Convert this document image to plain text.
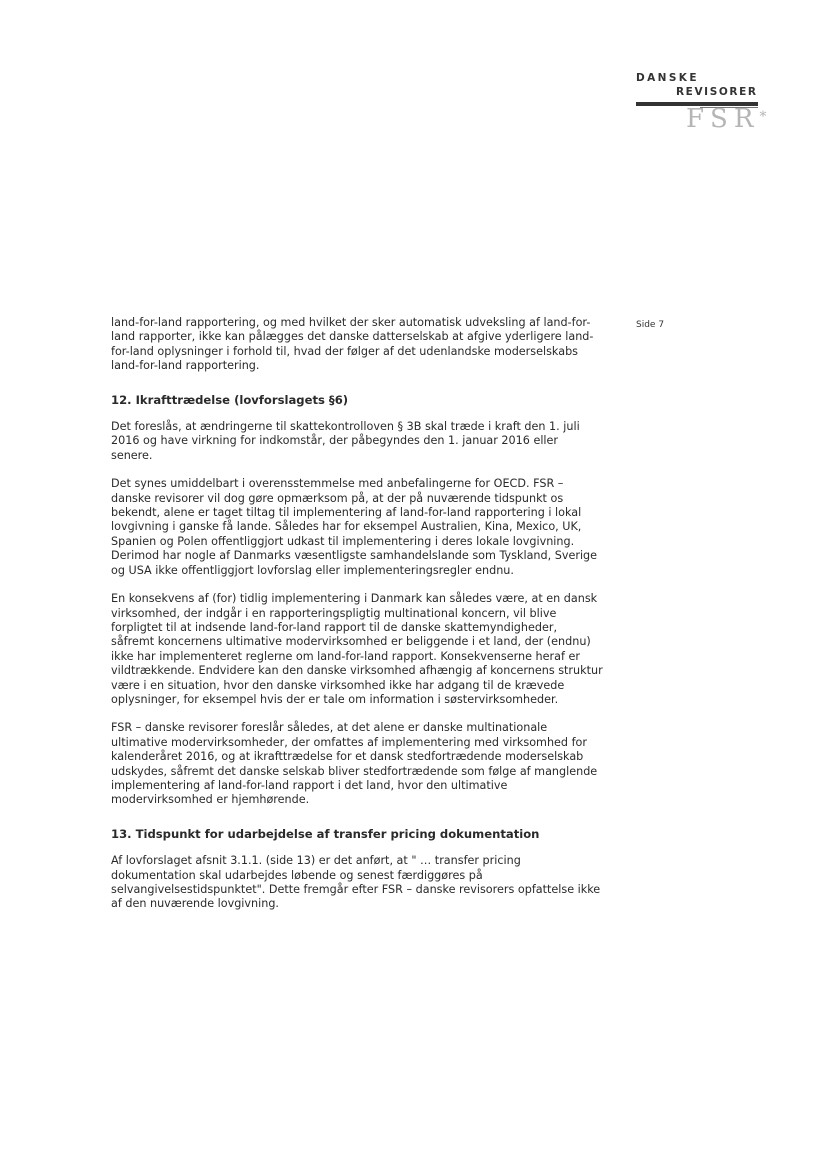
DANSKE
REVISORER
FSR*
Side 7

land-for-land rapportering, og med hvilket der sker automatisk udveksling af land-for-land rapporter, ikke kan pålægges det danske datterselskab at afgive yderligere land-for-land oplysninger i forhold til, hvad der følger af det udenlandske moderselskabs land-for-land rapportering.

12. Ikrafttrædelse (lovforslagets §6)

Det foreslås, at ændringerne til skattekontrolloven § 3B skal træde i kraft den 1. juli 2016 og have virkning for indkomstår, der påbegyndes den 1. januar 2016 eller senere.

Det synes umiddelbart i overensstemmelse med anbefalingerne for OECD. FSR – danske revisorer vil dog gøre opmærksom på, at der på nuværende tidspunkt os bekendt, alene er taget tiltag til implementering af land-for-land rapportering i lokal lovgivning i ganske få lande. Således har for eksempel Australien, Kina, Mexico, UK, Spanien og Polen offentliggjort udkast til implementering i deres lokale lovgivning. Derimod har nogle af Danmarks væsentligste samhandelslande som Tyskland, Sverige og USA ikke offentliggjort lovforslag eller implementeringsregler endnu.

En konsekvens af (for) tidlig implementering i Danmark kan således være, at en dansk virksomhed, der indgår i en rapporteringspligtig multinational koncern, vil blive forpligtet til at indsende land-for-land rapport til de danske skattemyndigheder, såfremt koncernens ultimative modervirksomhed er beliggende i et land, der (endnu) ikke har implementeret reglerne om land-for-land rapport. Konsekvenserne heraf er vildtrækkende. Endvidere kan den danske virksomhed afhængig af koncernens struktur være i en situation, hvor den danske virksomhed ikke har adgang til de krævede oplysninger, for eksempel hvis der er tale om information i søstervirksomheder.

FSR – danske revisorer foreslår således, at det alene er danske multinationale ultimative modervirksomheder, der omfattes af implementering med virksomhed for kalenderåret 2016, og at ikrafttrædelse for et dansk stedfortrædende moderselskab udskydes, såfremt det danske selskab bliver stedfortrædende som følge af manglende implementering af land-for-land rapport i det land, hvor den ultimative modervirksomhed er hjemhørende.

13. Tidspunkt for udarbejdelse af transfer pricing dokumentation

Af lovforslaget afsnit 3.1.1. (side 13) er det anført, at " … transfer pricing dokumentation skal udarbejdes løbende og senest færdiggøres på selvangivelsestidspunktet". Dette fremgår efter FSR – danske revisorers opfattelse ikke af den nuværende lovgivning.
